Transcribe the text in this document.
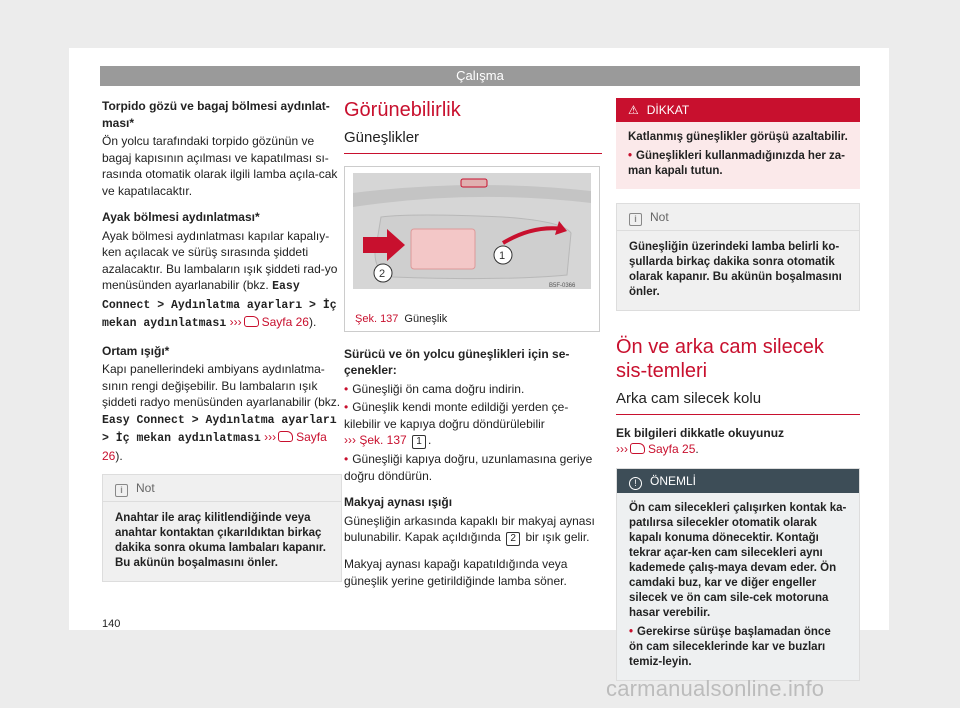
Çalışma

Torpido gözü ve bagaj bölmesi aydınlat-ması*

Ön yolcu tarafındaki torpido gözünün ve bagaj kapısının açılması ve kapatılması sı-rasında otomatik olarak ilgili lamba açıla-cak ve kapatılacaktır.

Ayak bölmesi aydınlatması*

Ayak bölmesi aydınlatması kapılar kapalıy-ken açılacak ve sürüş sırasında şiddeti azalacaktır. Bu lambaların ışık şiddeti rad-yo menüsünden ayarlanabilir (bkz. Easy Connect > Aydınlatma ayarları > İç mekan aydınlatması ››› Sayfa 26).

Ortam ışığı*

Kapı panellerindeki ambiyans aydınlatma-sının rengi değişebilir. Bu lambaların ışık şiddeti radyo menüsünden ayarlanabilir (bkz. Easy Connect > Aydınlatma ayarları > İç mekan aydınlatması ››› Sayfa 26).

i Not
Anahtar ile araç kilitlendiğinde veya anahtar kontaktan çıkarıldıktan birkaç dakika sonra okuma lambaları kapanır. Bu akünün boşalmasını önler.
Görünebilirlik
Güneşlikler
1
2
B5F-0366
Şek. 137 Güneşlik

Sürücü ve ön yolcu güneşlikleri için se-çenekler:

• Güneşliği ön cama doğru indirin.

• Güneşlik kendi monte edildiği yerden çe-kilebilir ve kapıya doğru döndürülebilir
››› Şek. 137 1 .

• Güneşliği kapıya doğru, uzunlamasına geriye doğru döndürün.

Makyaj aynası ışığı

Güneşliğin arkasında kapaklı bir makyaj aynası bulunabilir. Kapak açıldığında 2 bir ışık gelir.

Makyaj aynası kapağı kapatıldığında veya güneşlik yerine getirildiğinde lamba söner.

⚠ DİKKAT
Katlanmış güneşlikler görüşü azaltabilir.
• Güneşlikleri kullanmadığınızda her za-man kapalı tutun.
i Not
Güneşliğin üzerindeki lamba belirli ko-şullarda birkaç dakika sonra otomatik olarak kapanır. Bu akünün boşalmasını önler.
Ön ve arka cam silecek sis-temleri
Arka cam silecek kolu

Ek bilgileri dikkatle okuyunuz

››› Sayfa 25.

! ÖNEMLİ
Ön cam silecekleri çalışırken kontak ka-patılırsa silecekler otomatik olarak kapalı konuma dönecektir. Kontağı tekrar açar-ken cam silecekleri aynı kademede çalış-maya devam eder. Ön camdaki buz, kar ve diğer engeller silecek ve ön cam sile-cek motoruna hasar verebilir.
• Gerekirse sürüşe başlamadan önce ön cam sileceklerinde kar ve buzları temiz-leyin.
140
carmanualsonline.info
